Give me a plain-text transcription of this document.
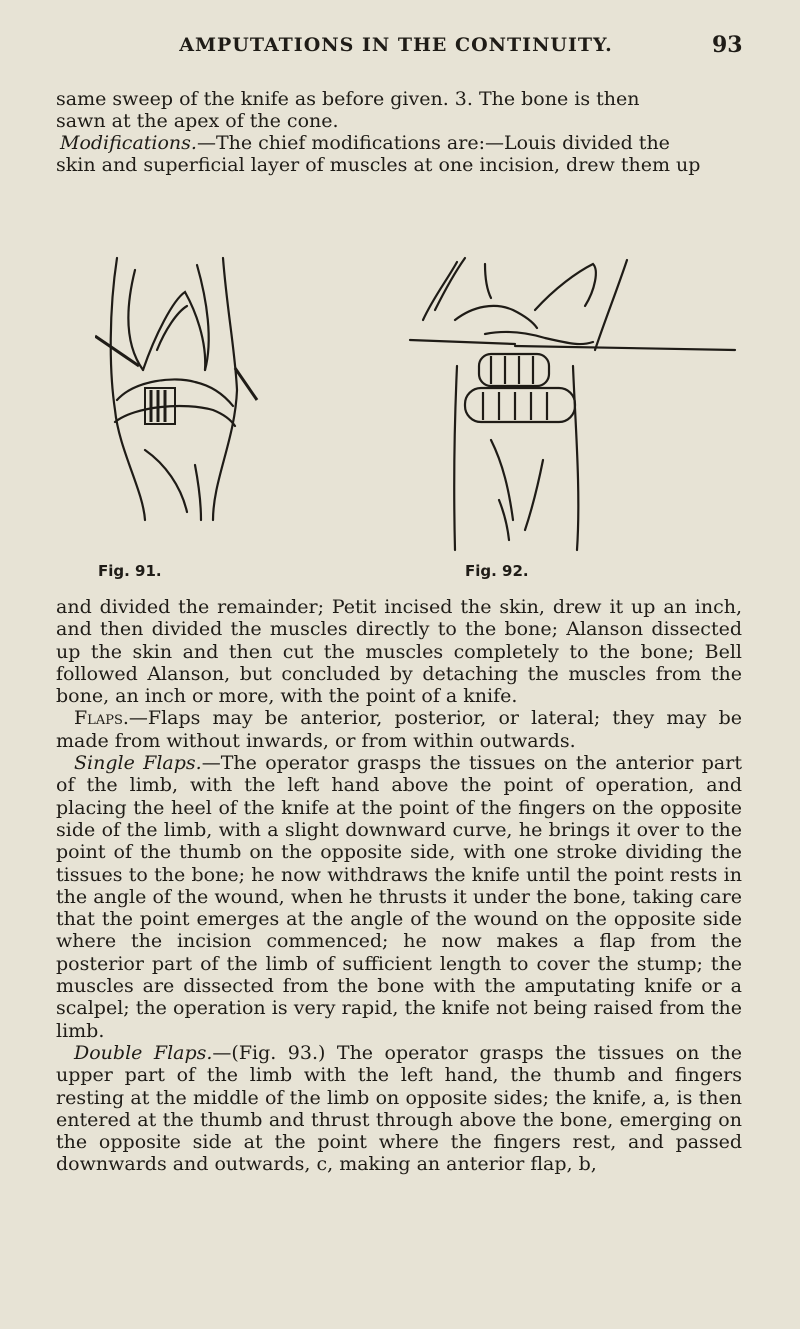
AMPUTATIONS IN THE CONTINUITY.	93

same sweep of the knife as before given. 3. The bone is then

sawn at the apex of the cone.

Modifications.—The chief modifications are:—Louis divided the

skin and superficial layer of muscles at one incision, drew them up

Fig. 91.	Fig. 92.

and divided the remainder; Petit incised the skin, drew it up an inch, and then divided the muscles directly to the bone; Alanson dissected up the skin and then cut the muscles completely to the bone; Bell followed Alanson, but concluded by detaching the muscles from the bone, an inch or more, with the point of a knife.

Flaps.—Flaps may be anterior, posterior, or lateral; they may be made from without inwards, or from within outwards.

Single Flaps.—The operator grasps the tissues on the anterior part of the limb, with the left hand above the point of operation, and placing the heel of the knife at the point of the fingers on the opposite side of the limb, with a slight downward curve, he brings it over to the point of the thumb on the opposite side, with one stroke dividing the tissues to the bone; he now withdraws the knife until the point rests in the angle of the wound, when he thrusts it under the bone, taking care that the point emerges at the angle of the wound on the opposite side where the incision commenced; he now makes a flap from the posterior part of the limb of sufficient length to cover the stump; the muscles are dissected from the bone with the amputating knife or a scalpel; the operation is very rapid, the knife not being raised from the limb.

Double Flaps.—(Fig. 93.) The operator grasps the tissues on the upper part of the limb with the left hand, the thumb and fingers resting at the middle of the limb on opposite sides; the knife, a, is then entered at the thumb and thrust through above the bone, emerging on the opposite side at the point where the fingers rest, and passed downwards and outwards, c, making an anterior flap, b,
